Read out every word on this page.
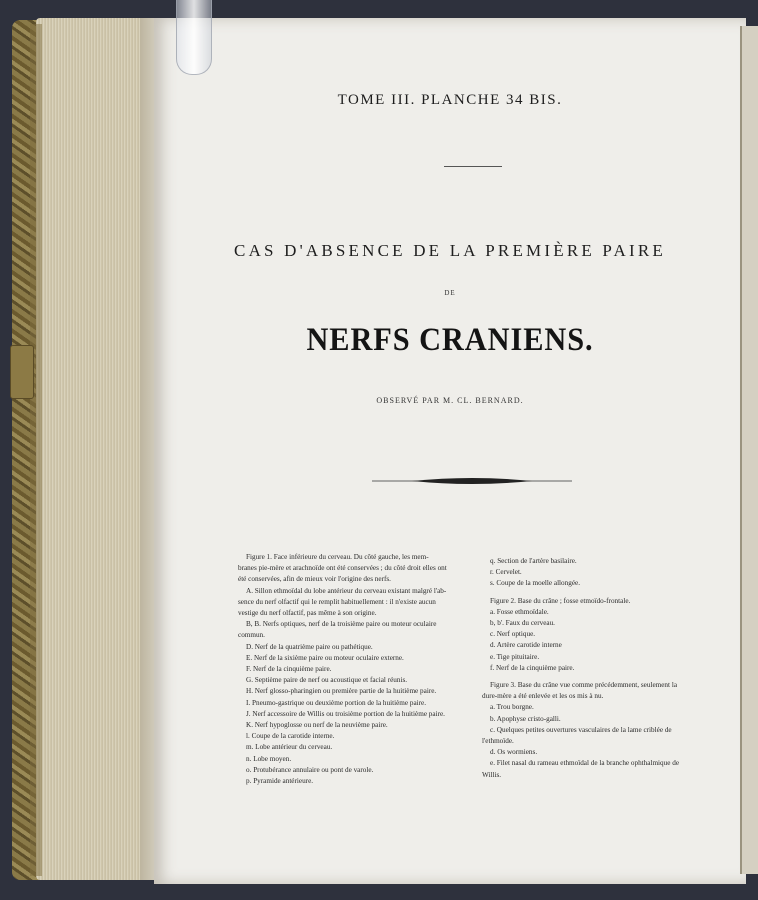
TOME III. PLANCHE 34 BIS.

CAS D'ABSENCE DE LA PREMIÈRE PAIRE

DE

NERFS CRANIENS.

OBSERVÉ PAR M. CL. BERNARD.

Figure 1. Face inférieure du cerveau. Du côté gauche, les mem-

branes pie-mère et arachnoïde ont été conservées ; du côté droit elles ont

été conservées, afin de mieux voir l'origine des nerfs.

A. Sillon ethmoïdal du lobe antérieur du cerveau existant malgré l'ab-

sence du nerf olfactif qui le remplit habituellement : il n'existe aucun

vestige du nerf olfactif, pas même à son origine.

B, B. Nerfs optiques, nerf de la troisième paire ou moteur oculaire

commun.

D. Nerf de la quatrième paire ou pathétique.

E. Nerf de la sixième paire ou moteur oculaire externe.

F. Nerf de la cinquième paire.

G. Septième paire de nerf ou acoustique et facial réunis.

H. Nerf glosso-pharingien ou première partie de la huitième paire.

I. Pneumo-gastrique ou deuxième portion de la huitième paire.

J. Nerf accessoire de Willis ou troisième portion de la huitième paire.

K. Nerf hypoglosse ou nerf de la neuvième paire.

l. Coupe de la carotide interne.

m. Lobe antérieur du cerveau.

n. Lobe moyen.

o. Protubérance annulaire ou pont de varole.

p. Pyramide antérieure.

q. Section de l'artère basilaire.

r. Cervelet.

s. Coupe de la moelle allongée.

Figure 2. Base du crâne ; fosse etmoïdo-frontale.

a. Fosse ethmoïdale.

b, b'. Faux du cerveau.

c. Nerf optique.

d. Artère carotide interne

e. Tige pituitaire.

f. Nerf de la cinquième paire.

Figure 3. Base du crâne vue comme précédemment, seulement la

dure-mère a été enlevée et les os mis à nu.

a. Trou borgne.

b. Apophyse cristo-galli.

c. Quelques petites ouvertures vasculaires de la lame criblée de

l'ethmoïde.

d. Os wormiens.

e. Filet nasal du rameau ethmoïdal de la branche ophthalmique de

Willis.
